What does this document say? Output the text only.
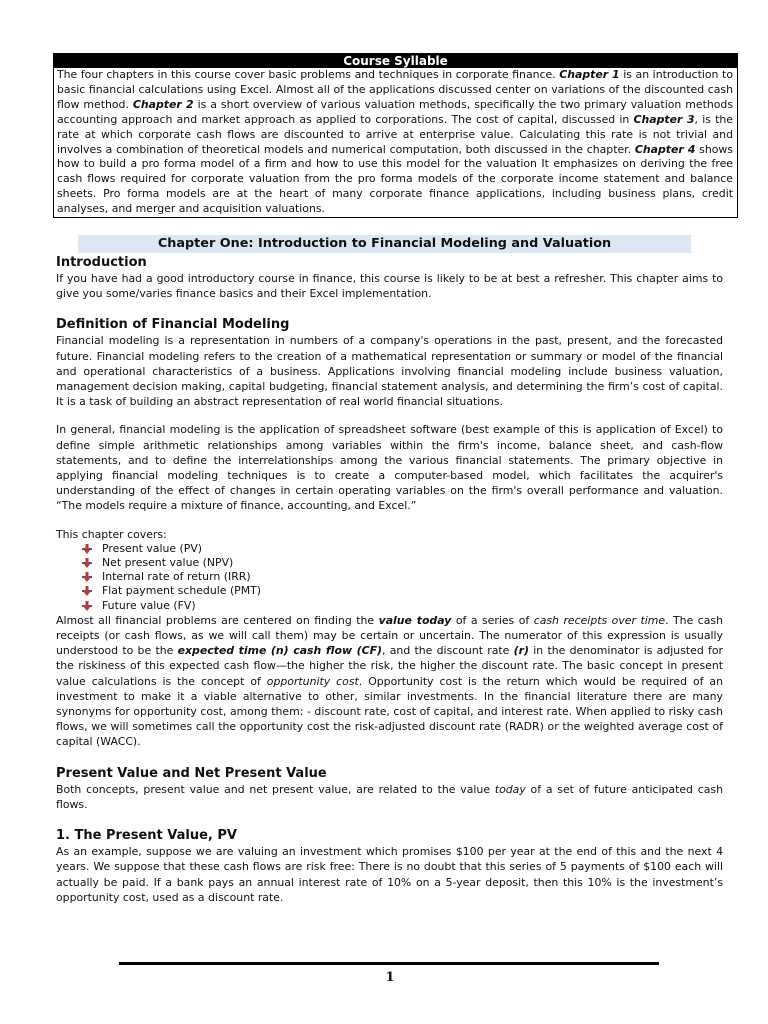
Course Syllable
The four chapters in this course cover basic problems and techniques in corporate finance. Chapter 1 is an introduction to basic financial calculations using Excel. Almost all of the applications discussed center on variations of the discounted cash flow method. Chapter 2 is a short overview of various valuation methods, specifically the two primary valuation methods accounting approach and market approach as applied to corporations. The cost of capital, discussed in Chapter 3, is the rate at which corporate cash flows are discounted to arrive at enterprise value. Calculating this rate is not trivial and involves a combination of theoretical models and numerical computation, both discussed in the chapter. Chapter 4 shows how to build a pro forma model of a firm and how to use this model for the valuation It emphasizes on deriving the free cash flows required for corporate valuation from the pro forma models of the corporate income statement and balance sheets. Pro forma models are at the heart of many corporate finance applications, including business plans, credit analyses, and merger and acquisition valuations.
Chapter One: Introduction to Financial Modeling and Valuation
Introduction

If you have had a good introductory course in finance, this course is likely to be at best a refresher. This chapter aims to give you some/varies finance basics and their Excel implementation.

Definition of Financial Modeling

Financial modeling is a representation in numbers of a company's operations in the past, present, and the forecasted future. Financial modeling refers to the creation of a mathematical representation or summary or model of the financial and operational characteristics of a business. Applications involving financial modeling include business valuation, management decision making, capital budgeting, financial statement analysis, and determining the firm’s cost of capital. It is a task of building an abstract representation of real world financial situations.

In general, financial modeling is the application of spreadsheet software (best example of this is application of Excel) to define simple arithmetic relationships among variables within the firm's income, balance sheet, and cash-flow statements, and to define the interrelationships among the various financial statements. The primary objective in applying financial modeling techniques is to create a computer-based model, which facilitates the acquirer's understanding of the effect of changes in certain operating variables on the firm's overall performance and valuation. “The models require a mixture of finance, accounting, and Excel.”

This chapter covers:

Present value (PV)
Net present value (NPV)
Internal rate of return (IRR)
Flat payment schedule (PMT)
Future value (FV)

Almost all financial problems are centered on finding the value today of a series of cash receipts over time. The cash receipts (or cash flows, as we will call them) may be certain or uncertain. The numerator of this expression is usually understood to be the expected time (n) cash flow (CF), and the discount rate (r) in the denominator is adjusted for the riskiness of this expected cash flow—the higher the risk, the higher the discount rate. The basic concept in present value calculations is the concept of opportunity cost. Opportunity cost is the return which would be required of an investment to make it a viable alternative to other, similar investments. In the financial literature there are many synonyms for opportunity cost, among them: - discount rate, cost of capital, and interest rate. When applied to risky cash flows, we will sometimes call the opportunity cost the risk-adjusted discount rate (RADR) or the weighted average cost of capital (WACC).

Present Value and Net Present Value

Both concepts, present value and net present value, are related to the value today of a set of future anticipated cash flows.

1. The Present Value, PV

As an example, suppose we are valuing an investment which promises $100 per year at the end of this and the next 4 years. We suppose that these cash flows are risk free: There is no doubt that this series of 5 payments of $100 each will actually be paid. If a bank pays an annual interest rate of 10% on a 5-year deposit, then this 10% is the investment’s opportunity cost, used as a discount rate.

1
